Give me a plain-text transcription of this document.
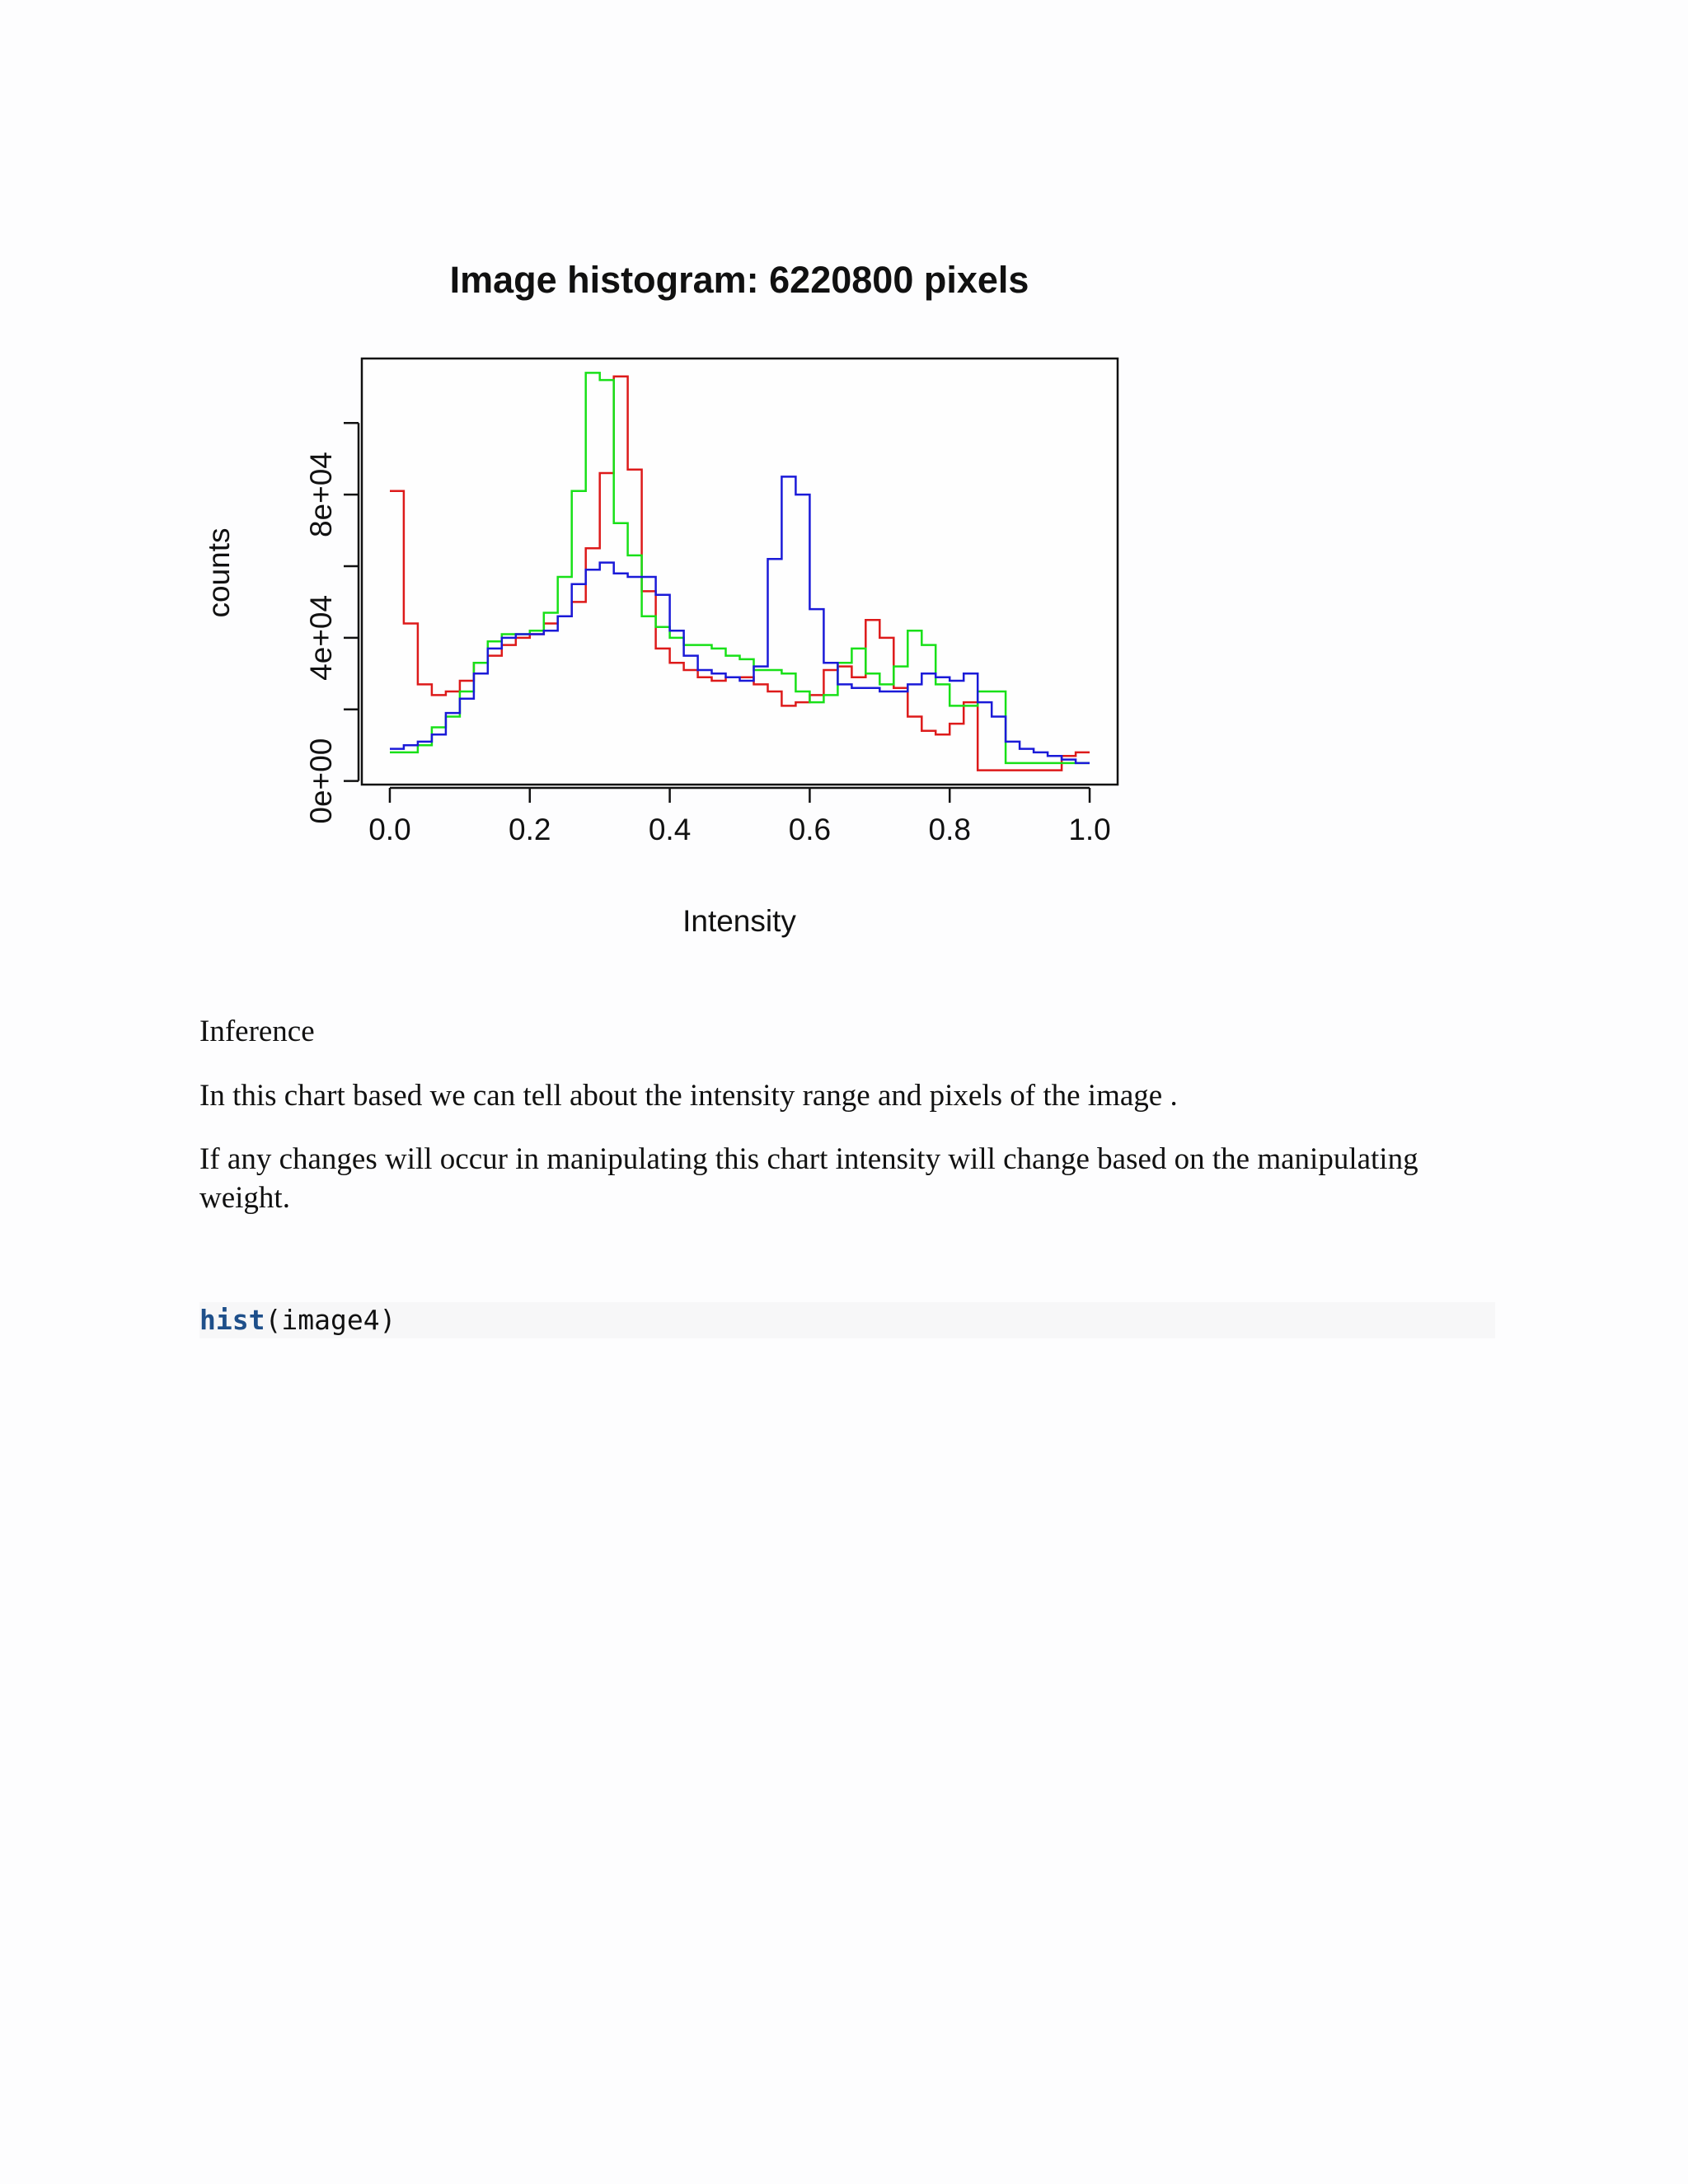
Image histogram: 6220800 pixels
Intensity
counts
0.0	0.2	0.4	0.6	0.8	1.0
0e+00
4e+04
8e+04

Inference

In this chart based we can tell about the intensity range and pixels of the image .

If any changes will occur in manipulating this chart intensity will change based on the manipulating weight.

hist(image4)
